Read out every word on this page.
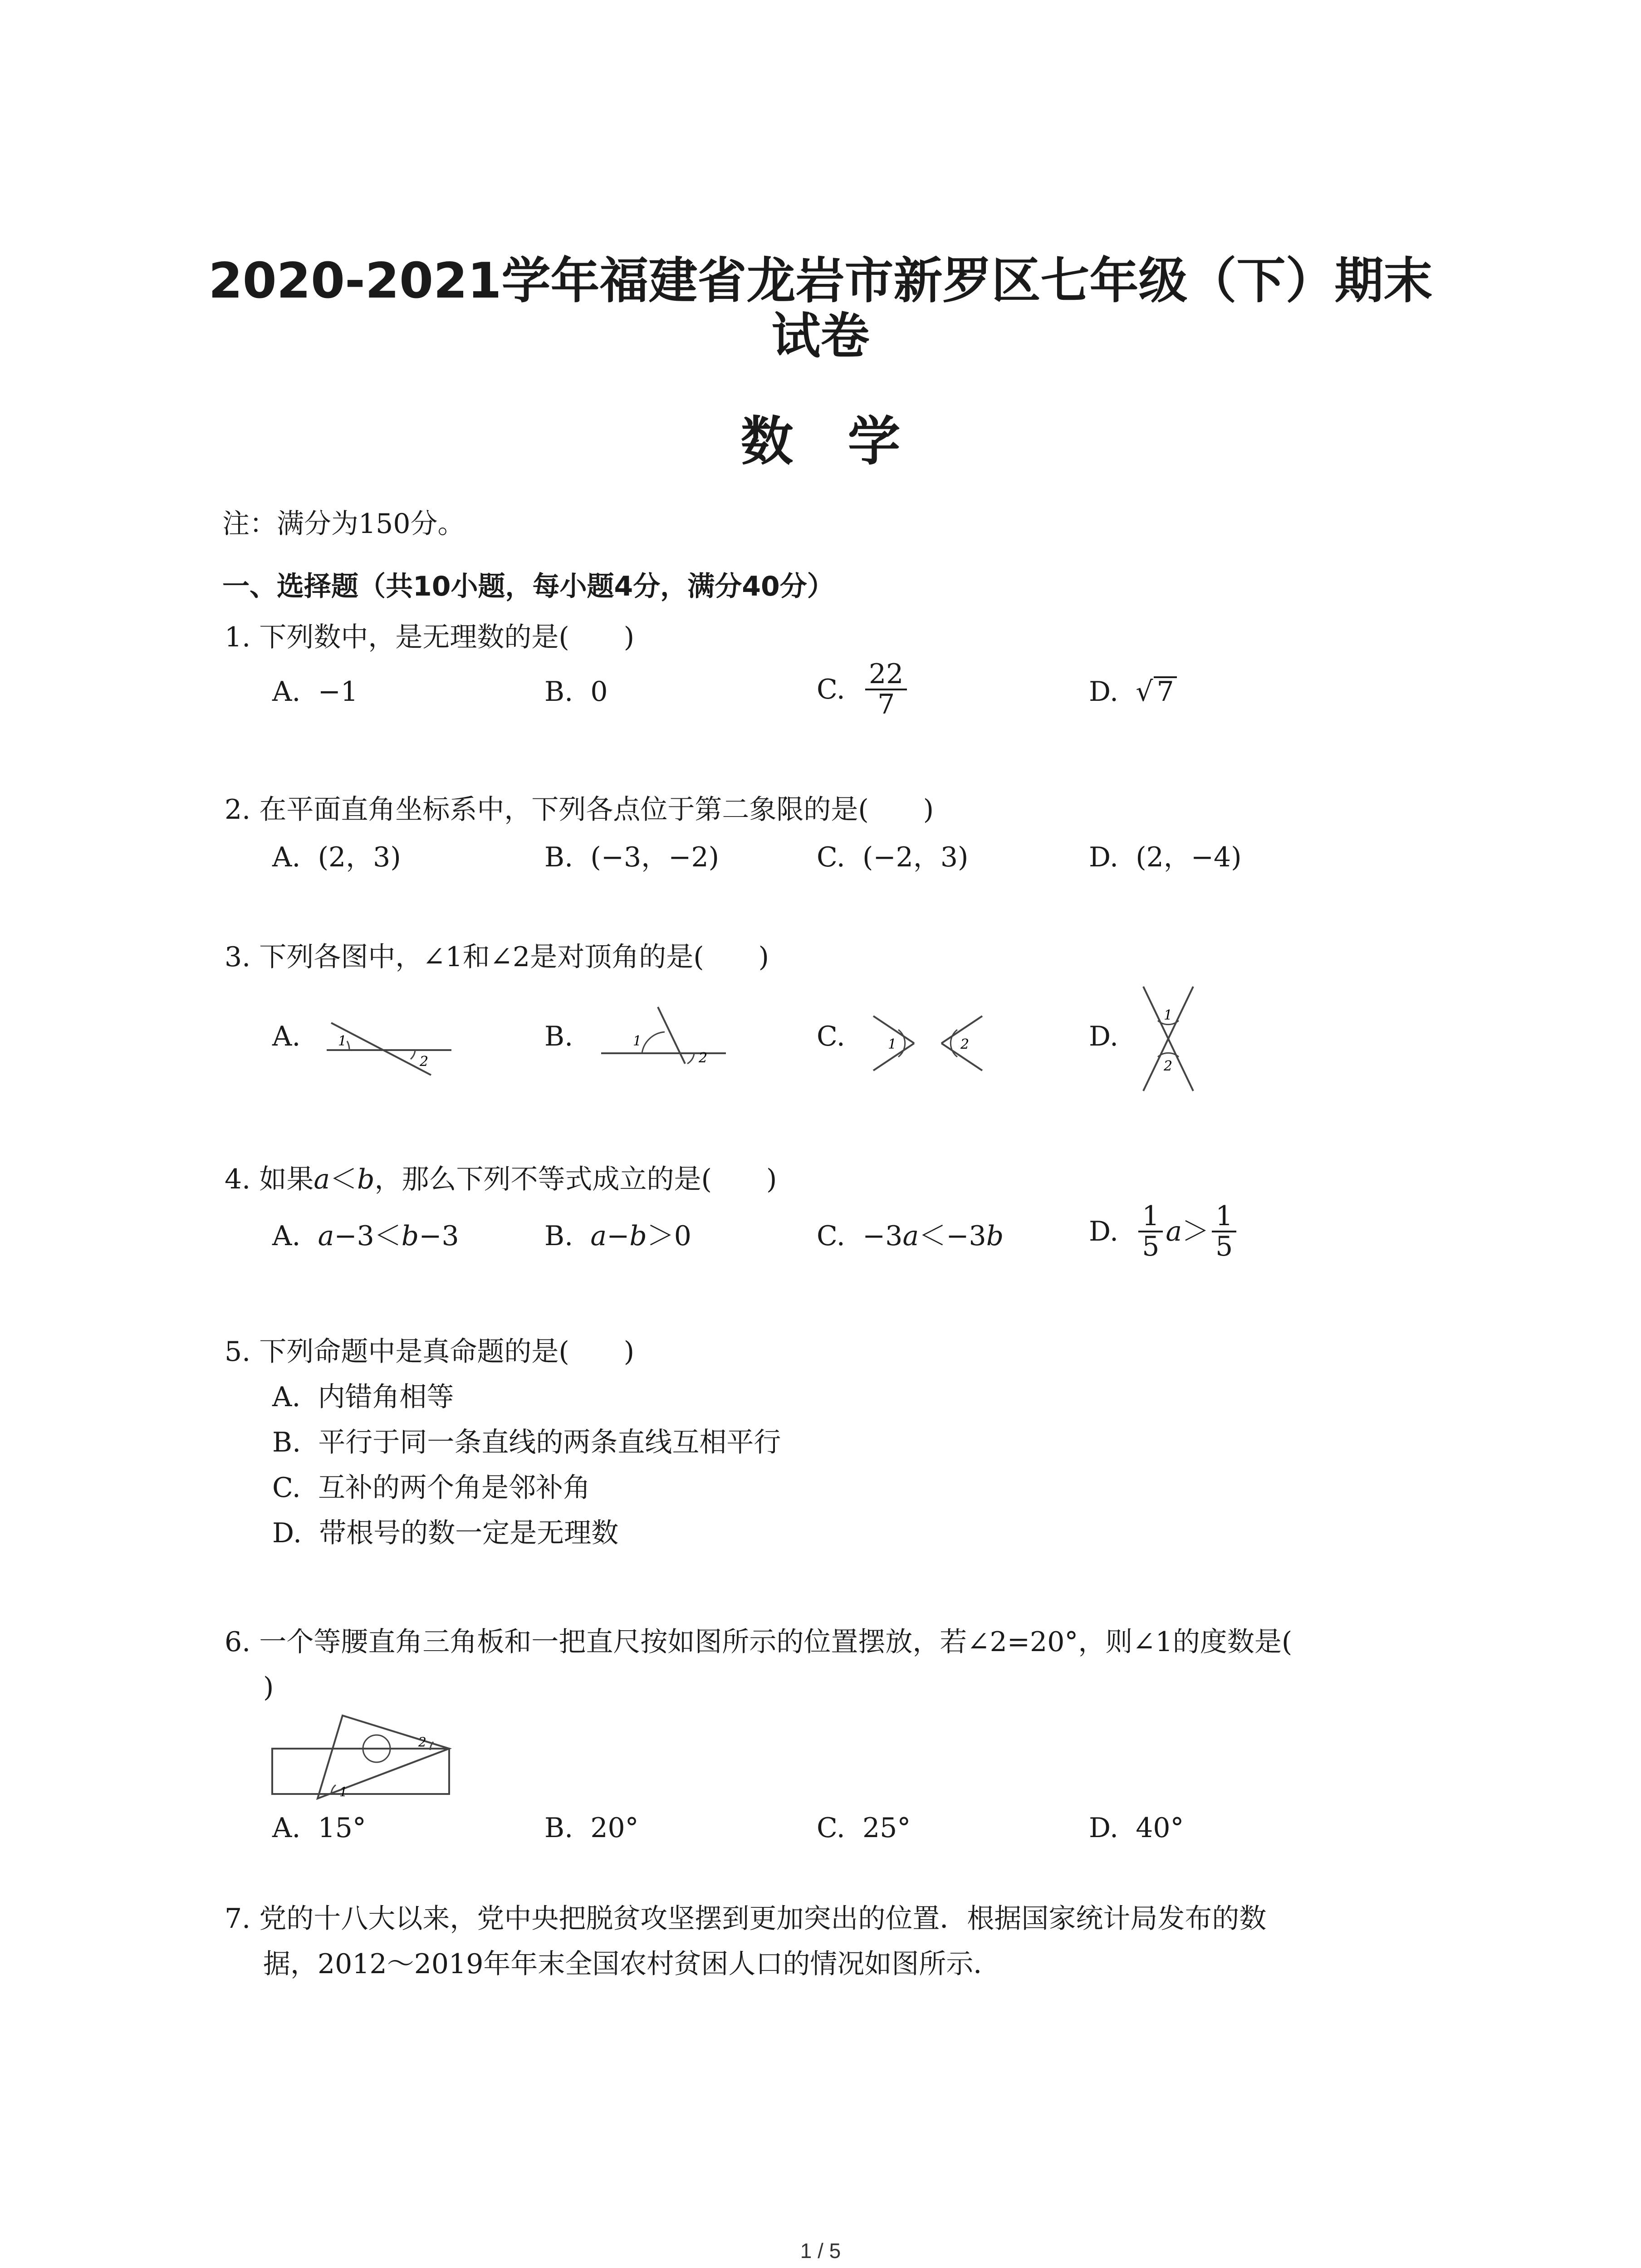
2020-2021学年福建省龙岩市新罗区七年级（下）期末
试卷
数学
注：满分为150分。
一、选择题（共10小题，每小题4分，满分40分）
1. 下列数中，是无理数的是(　　)
A. −1	B. 0	C. $\frac{22}{7}$	D. √ 7
2. 在平面直角坐标系中，下列各点位于第二象限的是(　　)
A. (2，3)	B. (−3，−2)	C. (−2，3)	D. (2，−4)
3. 下列各图中，∠1和∠2是对顶角的是(　　)
A.	B.	C.	D.
1
2
1
2
1	2
1
2
4. 如果a＜b，那么下列不等式成立的是(　　)
A. a−3＜b−3	B. a−b＞0	C. −3a＜−3b	D. $\frac{1}{5} a> \frac{1}{5}$
5. 下列命题中是真命题的是(　　)
A. 内错角相等
B. 平行于同一条直线的两条直线互相平行
C. 互补的两个角是邻补角
D. 带根号的数一定是无理数
6. 一个等腰直角三角板和一把直尺按如图所示的位置摆放，若∠2=20°，则∠1的度数是(
)
2
1
A. 15°	B. 20°	C. 25°	D. 40°
7. 党的十八大以来，党中央把脱贫攻坚摆到更加突出的位置．根据国家统计局发布的数
据，2012～2019年年末全国农村贫困人口的情况如图所示．
1 / 5
